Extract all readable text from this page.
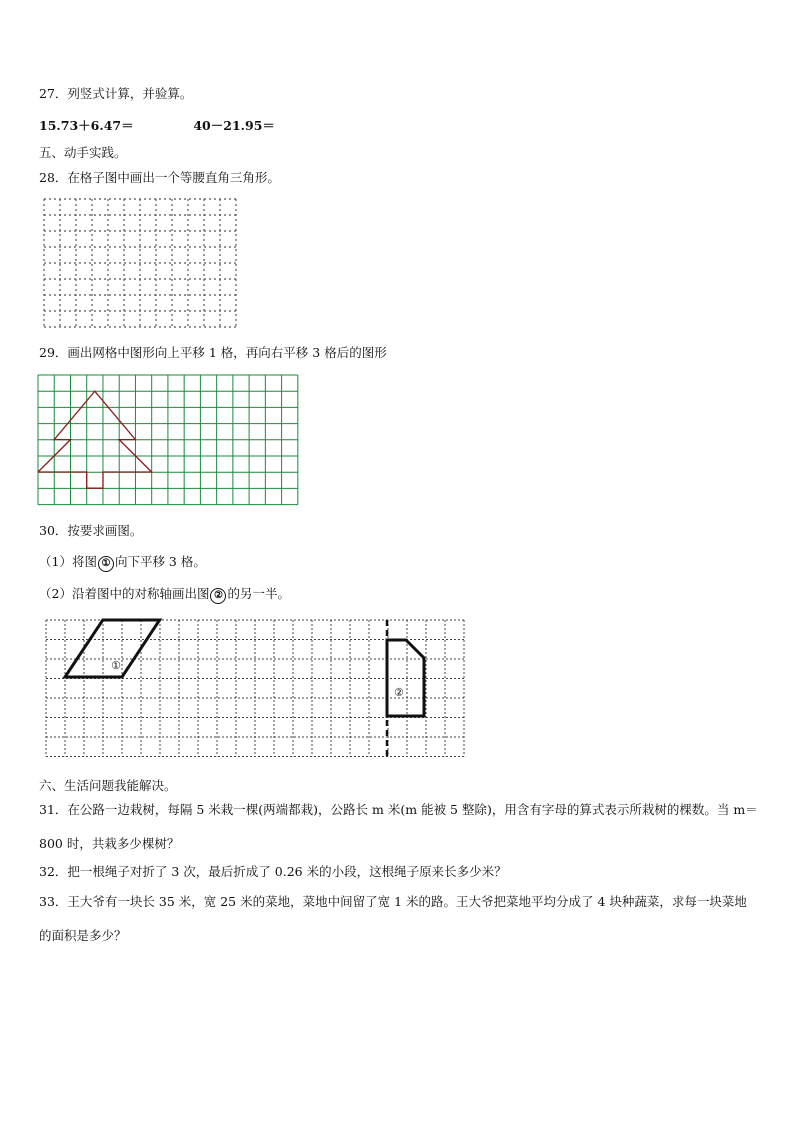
27．列竖式计算，并验算。
15.73＋6.47＝	40－21.95＝
五、动手实践。
28．在格子图中画出一个等腰直角三角形。
29．画出网格中图形向上平移 1 格，再向右平移 3 格后的图形
30．按要求画图。
（1）将图 ① 向下平移 3 格。
（2）沿着图中的对称轴画出图 ② 的另一半。
①
②
六、生活问题我能解决。
31．在公路一边栽树，每隔 5 米栽一棵(两端都栽)，公路长 m 米(m 能被 5 整除)，用含有字母的算式表示所栽树的棵数。当 m＝800 时，共栽多少棵树？
32．把一根绳子对折了 3 次，最后折成了 0.26 米的小段，这根绳子原来长多少米？
33．王大爷有一块长 35 米，宽 25 米的菜地，菜地中间留了宽 1 米的路。王大爷把菜地平均分成了 4 块种蔬菜，求每一块菜地的面积是多少？
